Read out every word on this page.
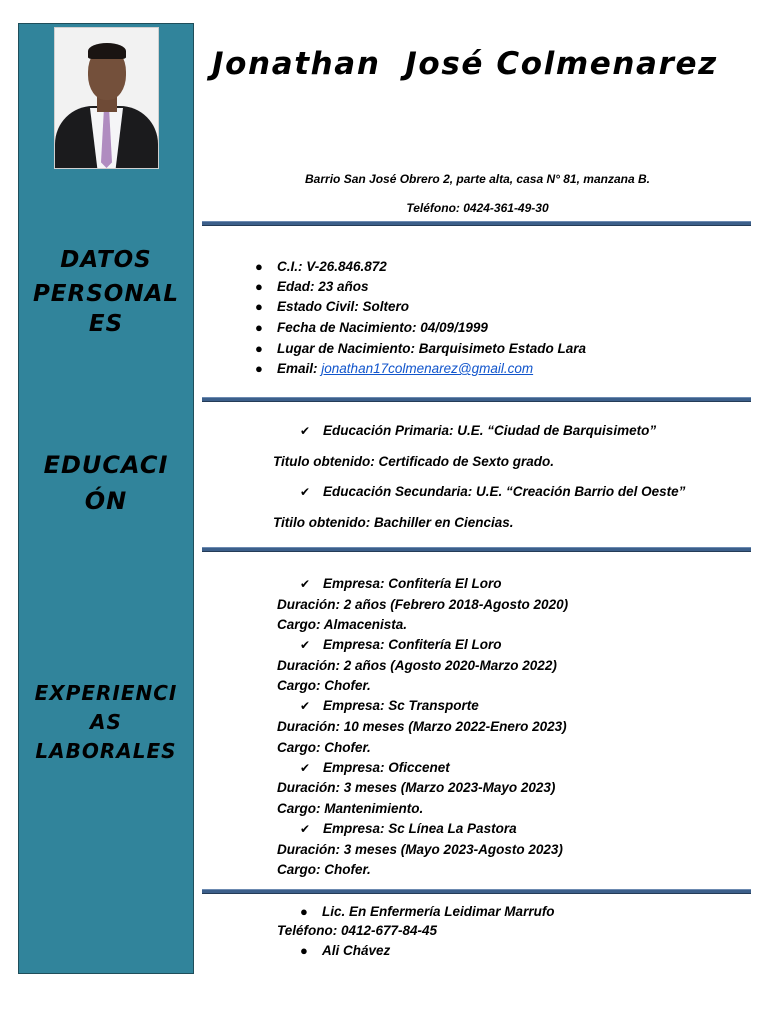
DATOS
PERSONAL
ES
EDUCACI
ÓN
EXPERIENCI
AS
LABORALES
Jonathan  José Colmenarez
Barrio San José Obrero 2, parte alta, casa N° 81, manzana B.
Teléfono: 0424-361-49-30
● C.I.: V-26.846.872
● Edad: 23 años
● Estado Civil: Soltero
● Fecha de Nacimiento: 04/09/1999
● Lugar de Nacimiento: Barquisimeto Estado Lara
● Email: jonathan17colmenarez@gmail.com
✔ Educación Primaria: U.E. “Ciudad de Barquisimeto”
Titulo obtenido: Certificado de Sexto grado.
✔ Educación Secundaria: U.E. “Creación Barrio del Oeste”
Titilo obtenido: Bachiller en Ciencias.
✔ Empresa: Confitería El Loro
Duración: 2 años (Febrero 2018-Agosto 2020)
Cargo: Almacenista.
✔ Empresa: Confitería El Loro
Duración: 2 años (Agosto 2020-Marzo 2022)
Cargo: Chofer.
✔ Empresa: Sc Transporte
Duración: 10 meses (Marzo 2022-Enero 2023)
Cargo: Chofer.
✔ Empresa: Oficcenet
Duración: 3 meses (Marzo 2023-Mayo 2023)
Cargo: Mantenimiento.
✔ Empresa: Sc Línea La Pastora
Duración: 3 meses (Mayo 2023-Agosto 2023)
Cargo: Chofer.
● Lic. En Enfermería Leidimar Marrufo
Teléfono: 0412-677-84-45
● Ali Chávez
